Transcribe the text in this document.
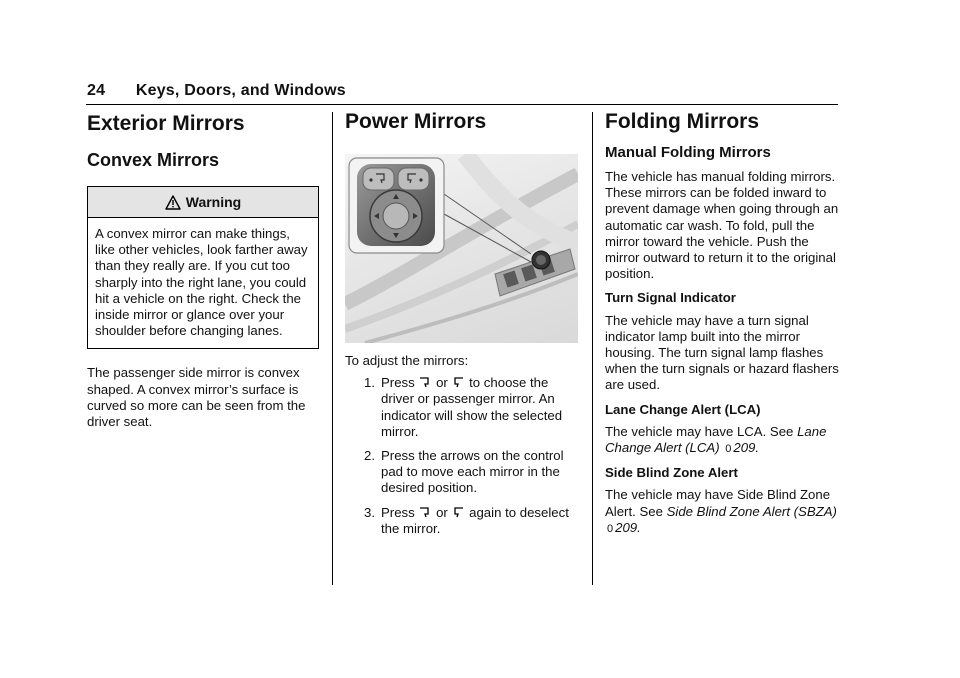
24 Keys, Doors, and Windows
Exterior Mirrors
Convex Mirrors
Warning
A convex mirror can make things, like other vehicles, look farther away than they really are. If you cut too sharply into the right lane, you could hit a vehicle on the right. Check the inside mirror or glance over your shoulder before changing lanes.

The passenger side mirror is convex shaped. A convex mirror’s surface is curved so more can be seen from the driver seat.

Power Mirrors

To adjust the mirrors:

1. Press or to choose the driver or passenger mirror. An indicator will show the selected mirror.
2. Press the arrows on the control pad to move each mirror in the desired position.
3. Press or again to deselect the mirror.
Folding Mirrors
Manual Folding Mirrors

The vehicle has manual folding mirrors. These mirrors can be folded inward to prevent damage when going through an automatic car wash. To fold, pull the mirror toward the vehicle. Push the mirror outward to return it to the original position.

Turn Signal Indicator

The vehicle may have a turn signal indicator lamp built into the mirror housing. The turn signal lamp flashes when the turn signals or hazard flashers are used.

Lane Change Alert (LCA)

The vehicle may have LCA. See Lane Change Alert (LCA) 0 209.

Side Blind Zone Alert

The vehicle may have Side Blind Zone Alert. See Side Blind Zone Alert (SBZA) 0 209.
